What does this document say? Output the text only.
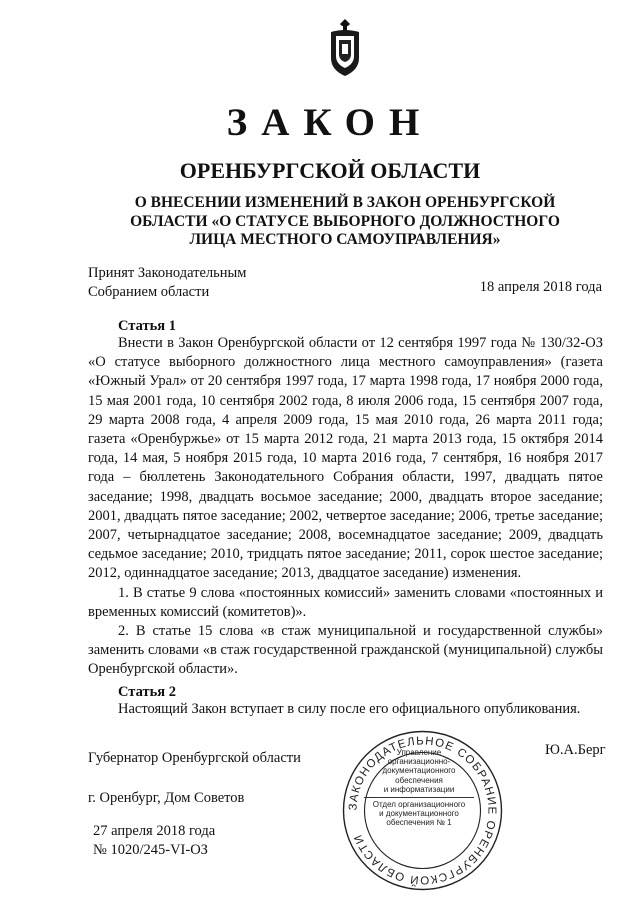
ЗАКОН
ОРЕНБУРГСКОЙ ОБЛАСТИ
О ВНЕСЕНИИ ИЗМЕНЕНИЙ В ЗАКОН ОРЕНБУРГСКОЙ
ОБЛАСТИ «О СТАТУСЕ ВЫБОРНОГО ДОЛЖНОСТНОГО
ЛИЦА МЕСТНОГО САМОУПРАВЛЕНИЯ»
Принят Законодательным
Собранием области	18 апреля 2018 года
Статья 1

Внести в Закон Оренбургской области от 12 сентября 1997 года № 130/32-ОЗ «О статусе выборного должностного лица местного самоуправления» (газета «Южный Урал» от 20 сентября 1997 года, 17 марта 1998 года, 17 ноября 2000 года, 15 мая 2001 года, 10 сентября 2002 года, 8 июля 2006 года, 15 сентября 2007 года, 29 марта 2008 года, 4 апреля 2009 года, 15 мая 2010 года, 26 марта 2011 года; газета «Оренбуржье» от 15 марта 2012 года, 21 марта 2013 года, 15 октября 2014 года, 14 мая, 5 ноября 2015 года, 10 марта 2016 года, 7 сентября, 16 ноября 2017 года – бюллетень Законодательного Собрания области, 1997, двадцать пятое заседание; 1998, двадцать восьмое заседание; 2000, двадцать второе заседание; 2001, двадцать пятое заседание; 2002, четвертое заседание; 2006, третье заседание; 2007, четырнадцатое заседание; 2008, восемнадцатое заседание; 2009, двадцать седьмое заседание; 2010, тридцать пятое заседание; 2011, сорок шестое заседание; 2012, одиннадцатое заседание; 2013, двадцатое заседание) изменения.

1. В статье 9 слова «постоянных комиссий» заменить словами «постоянных и временных комиссий (комитетов)».

2. В статье 15 слова «в стаж муниципальной и государственной службы» заменить словами «в стаж государственной гражданской (муниципальной) службы Оренбургской области».

Статья 2

Настоящий Закон вступает в силу после его официального опубликования.

Губернатор Оренбургской области	Ю.А.Берг
г. Оренбург, Дом Советов
27 апреля 2018 года
№ 1020/245-VI-ОЗ
ЗАКОНОДАТЕЛЬНОЕ СОБРАНИЕ ОРЕНБУРГСКОЙ ОБЛАСТИ
Управление
организационно-
документационного
обеспечения
и информатизации
Отдел организационного
и документационного
обеспечения № 1
